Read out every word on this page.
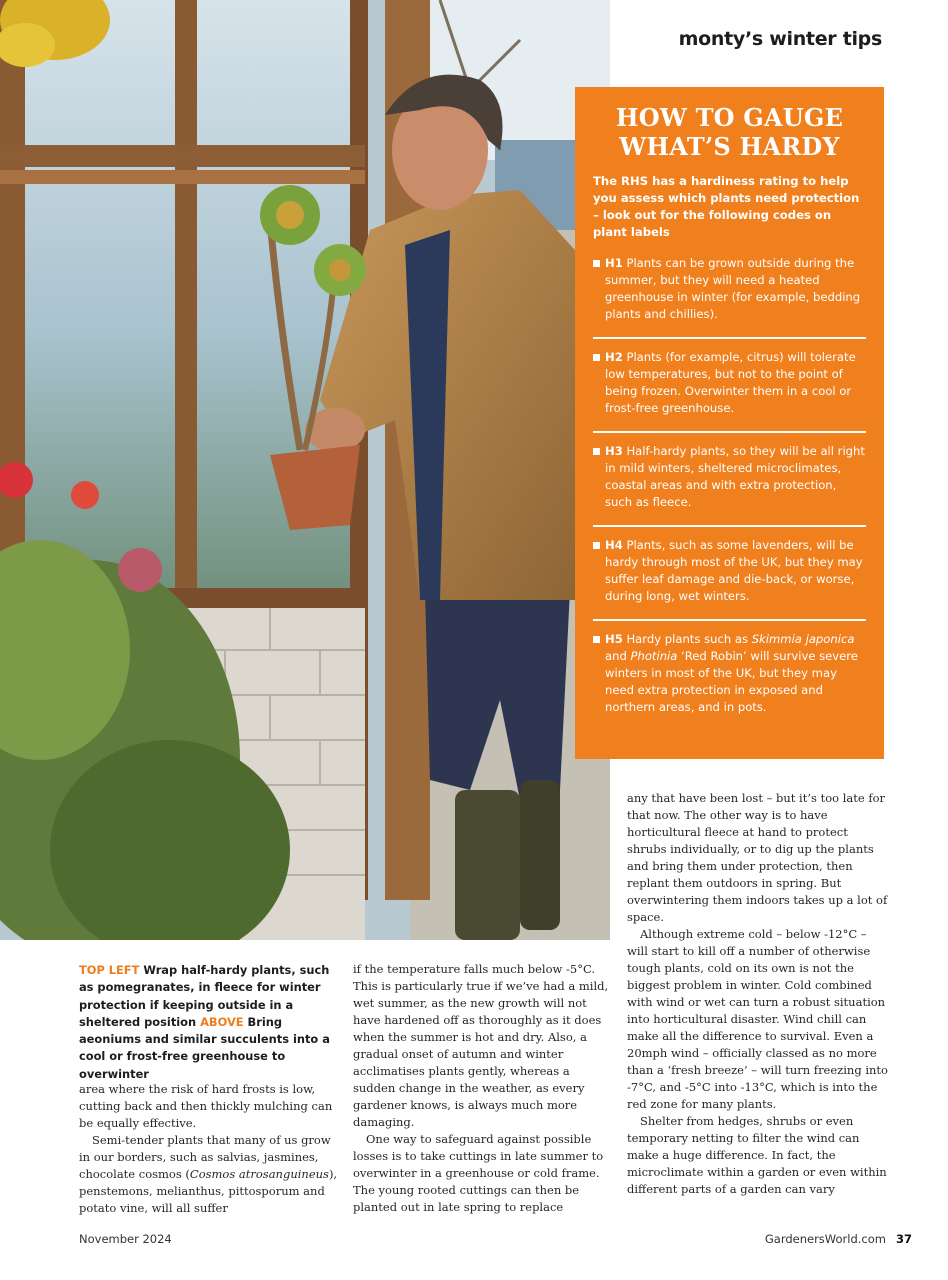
monty’s winter tips
HOW TO GAUGE
WHAT’S HARDY

The RHS has a hardiness rating to help you assess which plants need protection – look out for the following codes on plant labels

H1 Plants can be grown outside during the summer, but they will need a heated greenhouse in winter (for example, bedding plants and chillies).
H2 Plants (for example, citrus) will tolerate low temperatures, but not to the point of being frozen. Overwinter them in a cool or frost-free greenhouse.
H3 Half-hardy plants, so they will be all right in mild winters, sheltered microclimates, coastal areas and with extra protection, such as fleece.
H4 Plants, such as some lavenders, will be hardy through most of the UK, but they may suffer leaf damage and die-back, or worse, during long, wet winters.
H5 Hardy plants such as Skimmia japonica and Photinia ‘Red Robin’ will survive severe winters in most of the UK, but they may need extra protection in exposed and northern areas, and in pots.
TOP LEFT Wrap half-hardy plants, such as pomegranates, in fleece for winter protection if keeping outside in a sheltered position ABOVE Bring aeoniums and similar succulents into a cool or frost-free greenhouse to overwinter

area where the risk of hard frosts is low, cutting back and then thickly mulching can be equally effective.

Semi-tender plants that many of us grow in our borders, such as salvias, jasmines, chocolate cosmos (Cosmos atrosanguineus), penstemons, melianthus, pittosporum and potato vine, will all suffer

if the temperature falls much below -5°C. This is particularly true if we’ve had a mild, wet summer, as the new growth will not have hardened off as thoroughly as it does when the summer is hot and dry. Also, a gradual onset of autumn and winter acclimatises plants gently, whereas a sudden change in the weather, as every gardener knows, is always much more damaging.

One way to safeguard against possible losses is to take cuttings in late summer to overwinter in a greenhouse or cold frame. The young rooted cuttings can then be planted out in late spring to replace

any that have been lost – but it’s too late for that now. The other way is to have horticultural fleece at hand to protect shrubs individually, or to dig up the plants and bring them under protection, then replant them outdoors in spring. But overwintering them indoors takes up a lot of space.

Although extreme cold – below -12°C – will start to kill off a number of otherwise tough plants, cold on its own is not the biggest problem in winter. Cold combined with wind or wet can turn a robust situation into horticultural disaster. Wind chill can make all the difference to survival. Even a 20mph wind – officially classed as no more than a ‘fresh breeze’ – will turn freezing into -7°C, and -5°C into -13°C, which is into the red zone for many plants.

Shelter from hedges, shrubs or even temporary netting to filter the wind can make a huge difference. In fact, the microclimate within a garden or even within different parts of a garden can vary

November 2024	GardenersWorld.com 37
